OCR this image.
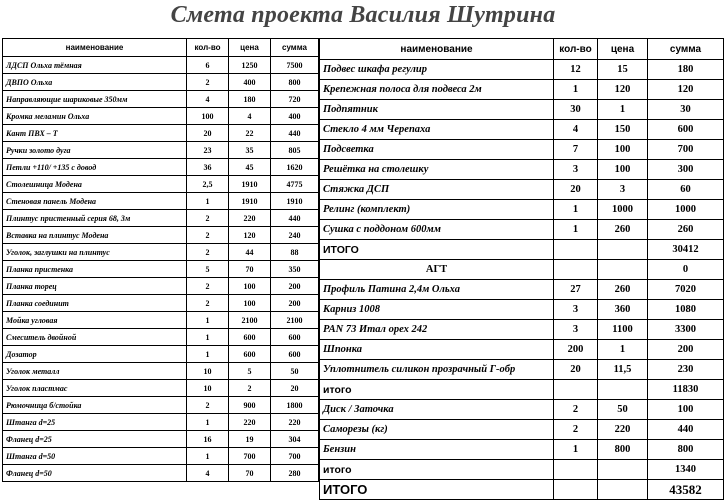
Смета проекта Василия Шутрина
наименование	кол-во	цена	сумма
ЛДСП Ольха тёмная	6	1250	7500
ДВПО Ольха	2	400	800
Направляющие шариковые 350мм	4	180	720
Кромка меламин Ольха	100	4	400
Кант ПВХ – Т	20	22	440
Ручки золото дуга	23	35	805
Петли +110/ +135 с довод	36	45	1620
Столешница Модена	2,5	1910	4775
Стеновая панель Модена	1	1910	1910
Плинтус пристенный серия 68, 3м	2	220	440
Вставка на плинтус Модена	2	120	240
Уголок, заглушки на плинтус	2	44	88
Планка пристенка	5	70	350
Планка торец	2	100	200
Планка соединит	2	100	200
Мойка угловая	1	2100	2100
Смеситель двойной	1	600	600
Дозатор	1	600	600
Уголок металл	10	5	50
Уголок пластмас	10	2	20
Рюмочница б/стойка	2	900	1800
Штанга d=25	1	220	220
Фланец d=25	16	19	304
Штанга d=50	1	700	700
Фланец d=50	4	70	280
наименование	кол-во	цена	сумма
Подвес шкафа регулир	12	15	180
Крепежная полоса для подвеса 2м	1	120	120
Подпятник	30	1	30
Стекло 4 мм Черепаха	4	150	600
Подсветка	7	100	700
Решётка на столешку	3	100	300
Стяжка ДСП	20	3	60
Релинг (комплект)	1	1000	1000
Сушка с поддоном 600мм	1	260	260
ИТОГО			30412
АГТ			0
Профиль Патина 2,4м Ольха	27	260	7020
Карниз 1008	3	360	1080
PAN 73 Итал орех 242	3	1100	3300
Шпонка	200	1	200
Уплотнитель силикон прозрачный Г-обр	20	11,5	230
итого			11830
Диск / Заточка	2	50	100
Саморезы (кг)	2	220	440
Бензин	1	800	800
итого			1340
ИТОГО			43582
